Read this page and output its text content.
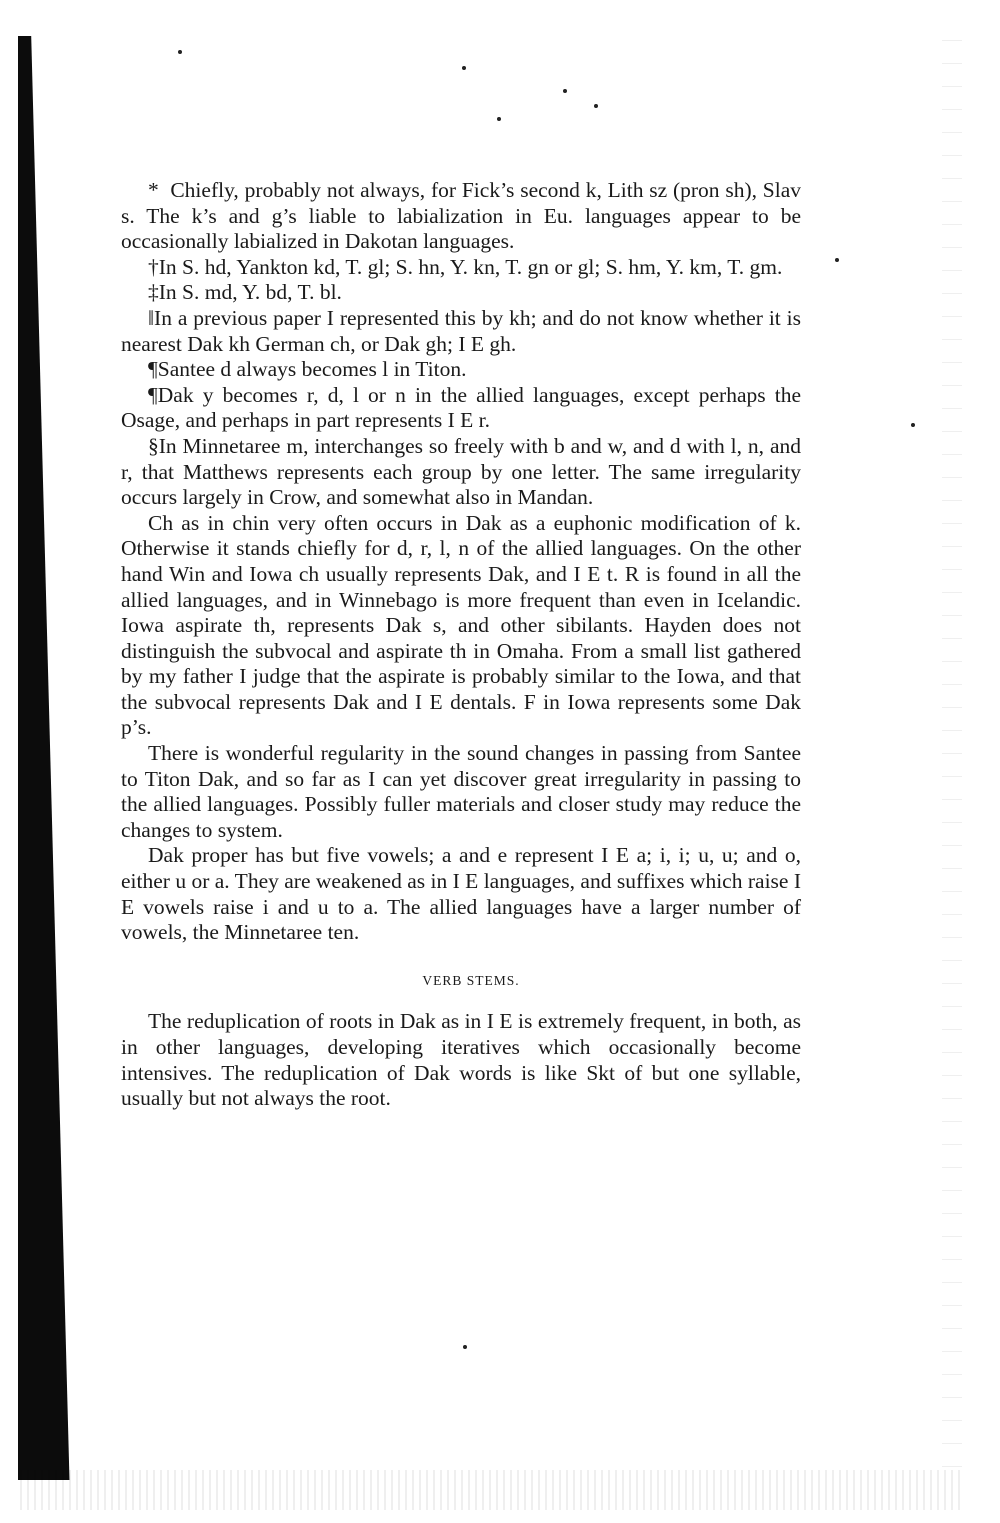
* Chiefly, probably not always, for Fick’s second k, Lith sz (pron sh), Slav s. The k’s and g’s liable to labialization in Eu. languages appear to be occasionally labialized in Dakotan languages.

†In S. hd, Yankton kd, T. gl; S. hn, Y. kn, T. gn or gl; S. hm, Y. km, T. gm.

‡In S. md, Y. bd, T. bl.

‖In a previous paper I represented this by kh; and do not know whether it is nearest Dak kh German ch, or Dak gh; I E gh.

¶Santee d always becomes l in Titon.

¶Dak y becomes r, d, l or n in the allied languages, except perhaps the Osage, and perhaps in part represents I E r.

§In Minnetaree m, interchanges so freely with b and w, and d with l, n, and r, that Matthews represents each group by one letter. The same irregularity occurs largely in Crow, and somewhat also in Mandan.

Ch as in chin very often occurs in Dak as a euphonic modification of k. Otherwise it stands chiefly for d, r, l, n of the allied languages. On the other hand Win and Iowa ch usually represents Dak, and I E t. R is found in all the allied languages, and in Winnebago is more frequent than even in Icelandic. Iowa aspirate th, represents Dak s, and other sibilants. Hayden does not distinguish the subvocal and aspirate th in Omaha. From a small list gathered by my father I judge that the aspirate is probably similar to the Iowa, and that the subvocal represents Dak and I E dentals. F in Iowa represents some Dak p’s.

There is wonderful regularity in the sound changes in passing from Santee to Titon Dak, and so far as I can yet discover great irregularity in passing to the allied languages. Possibly fuller materials and closer study may reduce the changes to system.

Dak proper has but five vowels; a and e represent I E a; i, i; u, u; and o, either u or a. They are weakened as in I E languages, and suffixes which raise I E vowels raise i and u to a. The allied languages have a larger number of vowels, the Minnetaree ten.

VERB STEMS.

The reduplication of roots in Dak as in I E is extremely frequent, in both, as in other languages, developing iteratives which occasionally become intensives. The reduplication of Dak words is like Skt of but one syllable, usually but not always the root.
